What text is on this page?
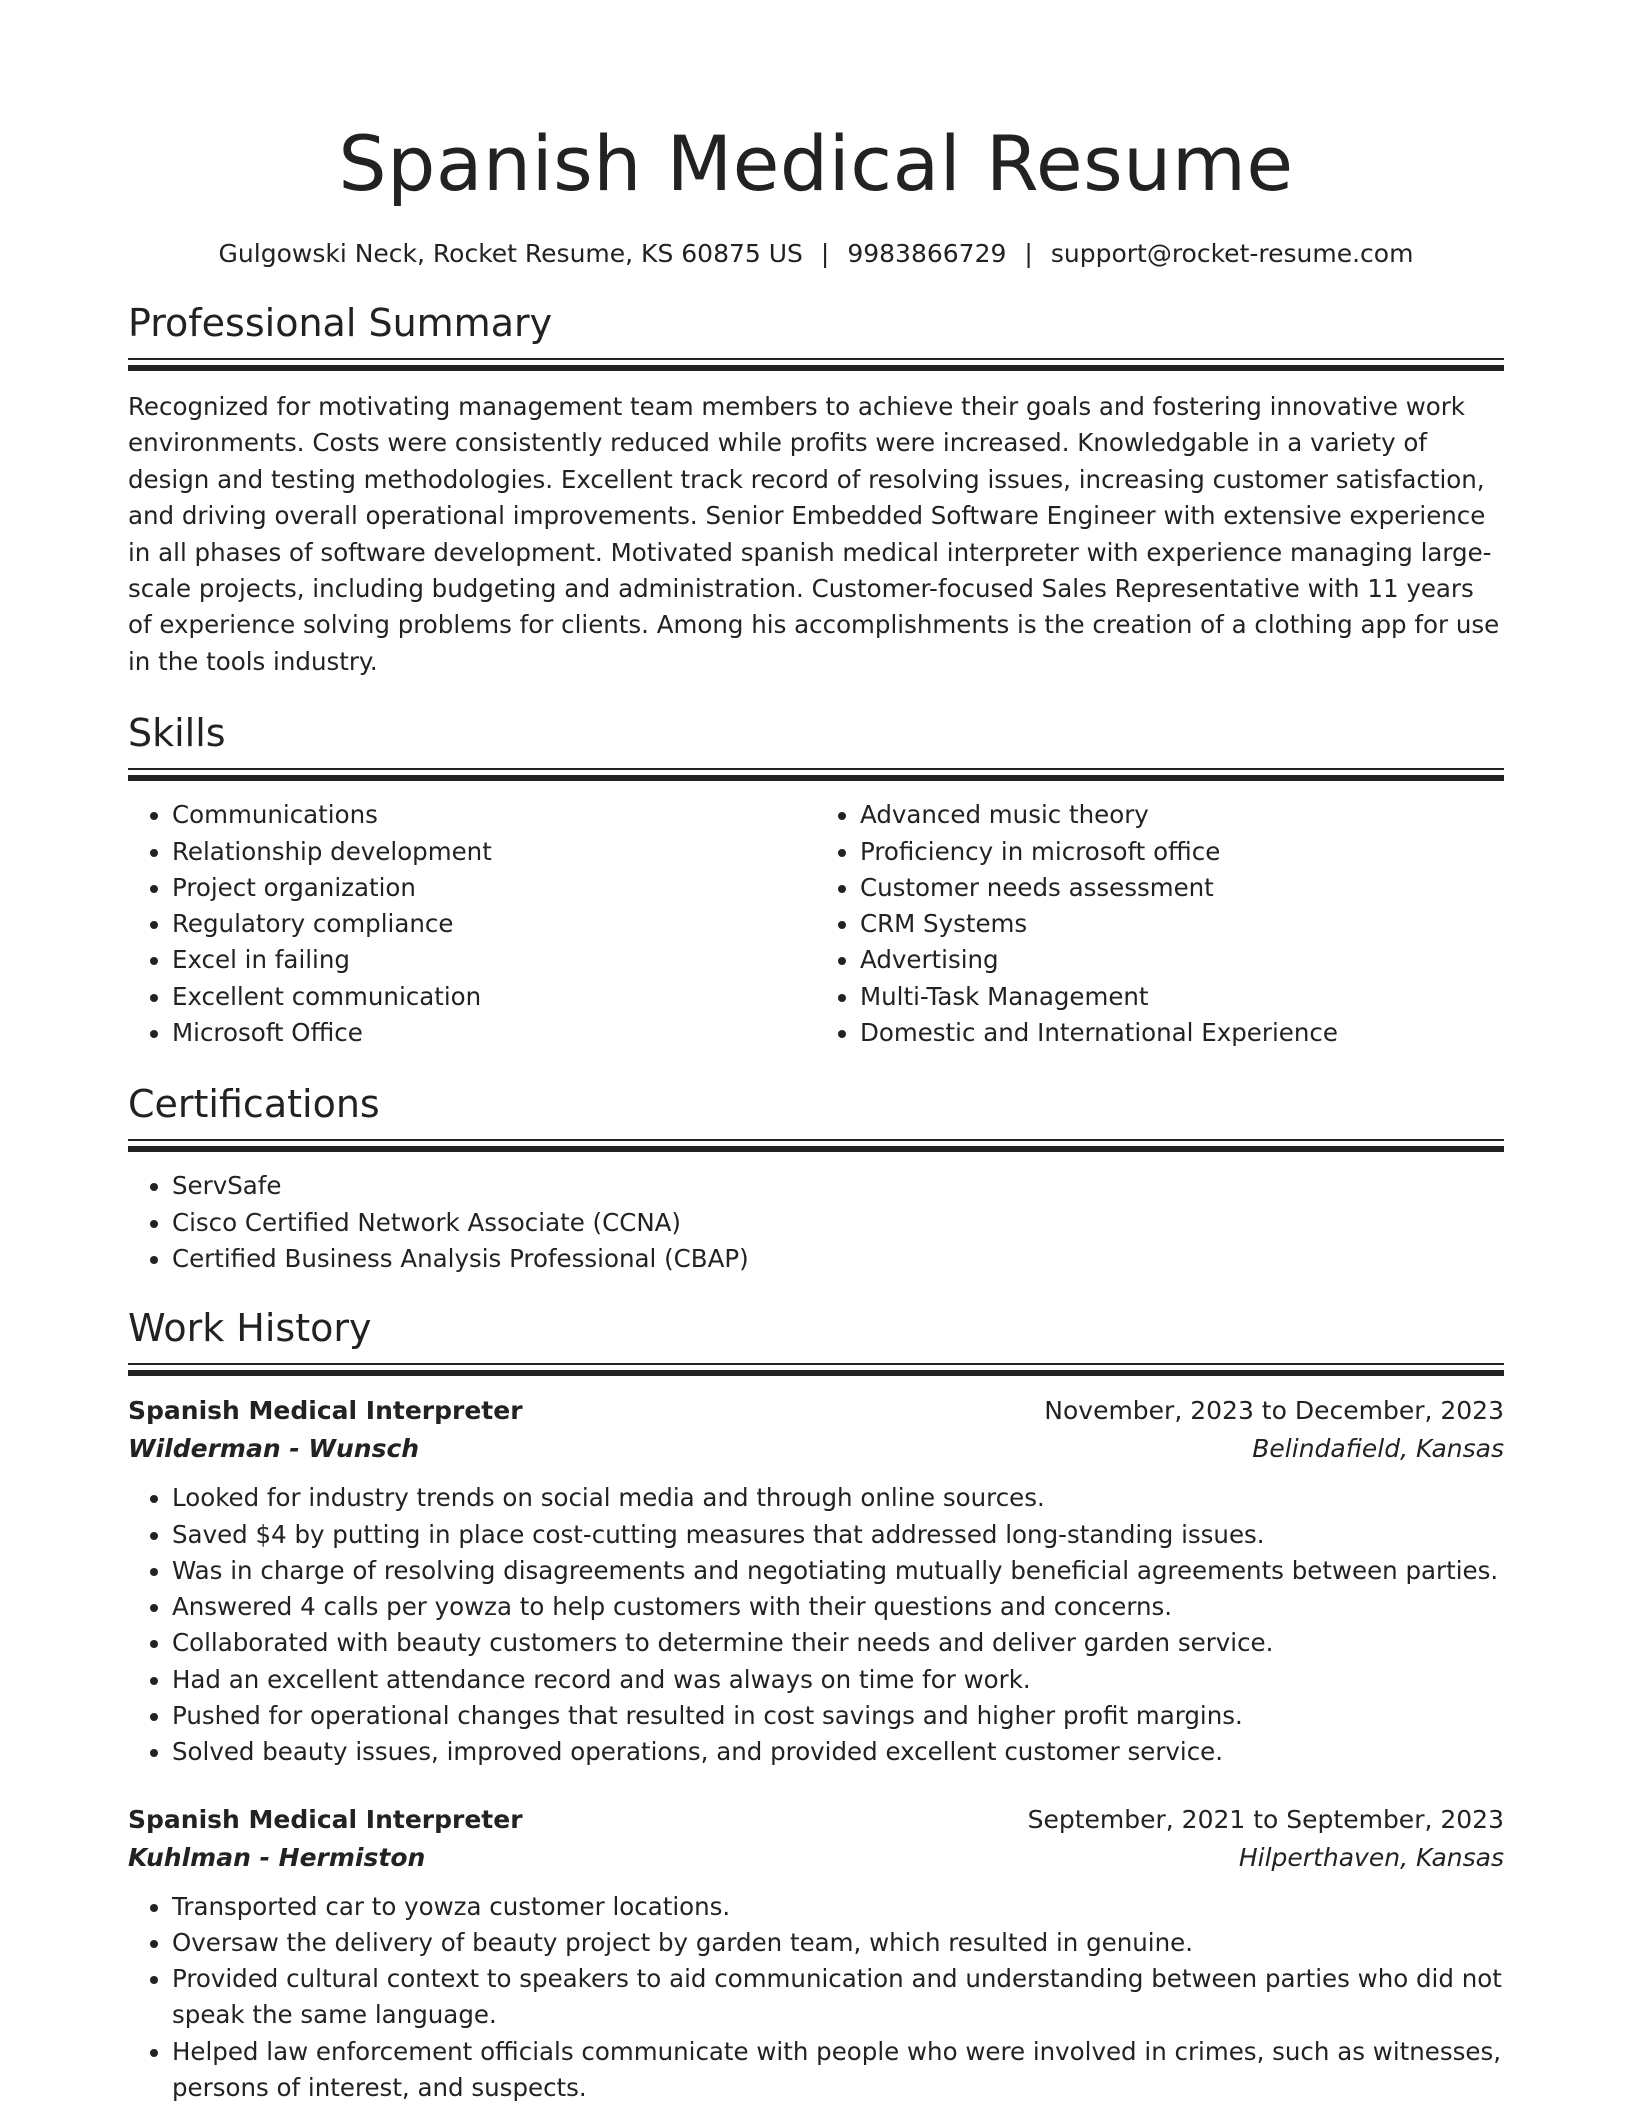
Spanish Medical Resume
Gulgowski Neck, Rocket Resume, KS 60875 US | 9983866729 | support@rocket-resume.com
Professional Summary

Recognized for motivating management team members to achieve their goals and fostering innovative work environments. Costs were consistently reduced while profits were increased. Knowledgable in a variety of design and testing methodologies. Excellent track record of resolving issues, increasing customer satisfaction, and driving overall operational improvements. Senior Embedded Software Engineer with extensive experience in all phases of software development. Motivated spanish medical interpreter with experience managing large-scale projects, including budgeting and administration. Customer-focused Sales Representative with 11 years of experience solving problems for clients. Among his accomplishments is the creation of a clothing app for use in the tools industry.

Skills
• Communications
• Relationship development
• Project organization
• Regulatory compliance
• Excel in failing
• Excellent communication
• Microsoft Office
• Advanced music theory
• Proficiency in microsoft office
• Customer needs assessment
• CRM Systems
• Advertising
• Multi-Task Management
• Domestic and International Experience
Certifications
• ServSafe
• Cisco Certified Network Associate (CCNA)
• Certified Business Analysis Professional (CBAP)
Work History
Spanish Medical Interpreter	November, 2023 to December, 2023
Wilderman - Wunsch	Belindafield, Kansas
• Looked for industry trends on social media and through online sources.
• Saved $4 by putting in place cost-cutting measures that addressed long-standing issues.
• Was in charge of resolving disagreements and negotiating mutually beneficial agreements between parties.
• Answered 4 calls per yowza to help customers with their questions and concerns.
• Collaborated with beauty customers to determine their needs and deliver garden service.
• Had an excellent attendance record and was always on time for work.
• Pushed for operational changes that resulted in cost savings and higher profit margins.
• Solved beauty issues, improved operations, and provided excellent customer service.
Spanish Medical Interpreter	September, 2021 to September, 2023
Kuhlman - Hermiston	Hilperthaven, Kansas
• Transported car to yowza customer locations.
• Oversaw the delivery of beauty project by garden team, which resulted in genuine.
• Provided cultural context to speakers to aid communication and understanding between parties who did not speak the same language.
• Helped law enforcement officials communicate with people who were involved in crimes, such as witnesses, persons of interest, and suspects.
